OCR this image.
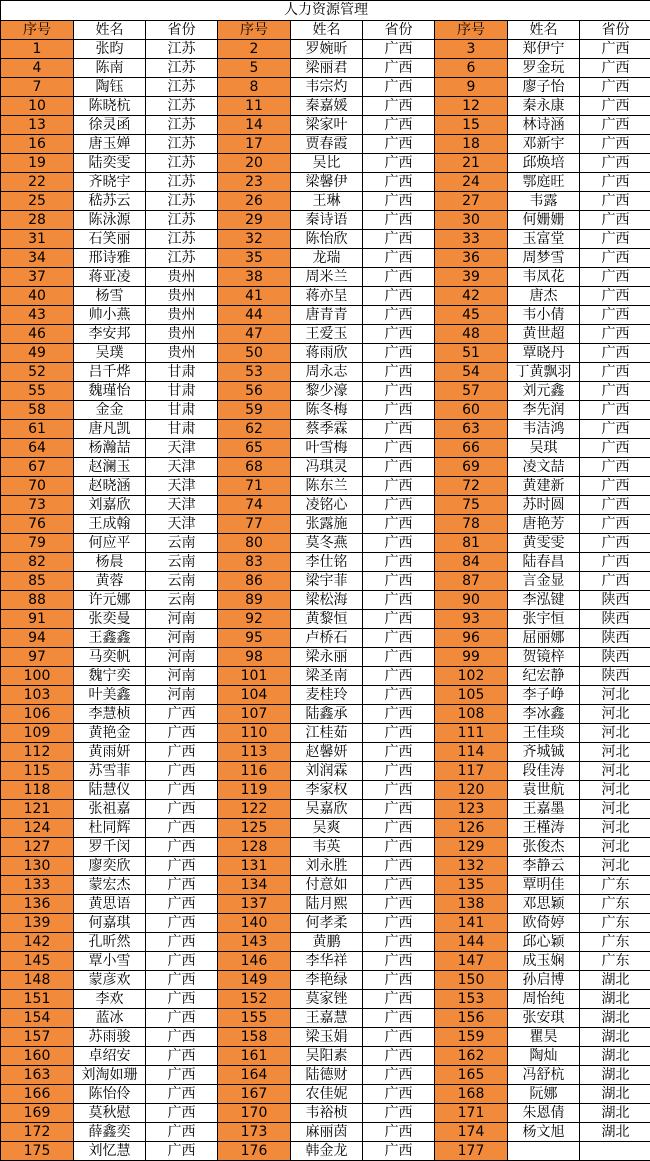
人力资源管理								
序号	姓名	省份	序号	姓名	省份	序号	姓名	省份
1	张昀	江苏	2	罗婉昕	广西	3	郑伊宁	广西
4	陈南	江苏	5	梁丽君	广西	6	罗金玩	广西
7	陶钰	江苏	8	韦宗灼	广西	9	廖子怡	广西
10	陈晓杭	江苏	11	秦嘉媛	广西	12	秦永康	广西
13	徐灵函	江苏	14	梁家叶	广西	15	林诗涵	广西
16	唐玉婵	江苏	17	贾春霞	广西	18	邓新宇	广西
19	陆奕雯	江苏	20	吴比	广西	21	邱焕培	广西
22	齐晓宇	江苏	23	梁馨伊	广西	24	鄂庭旺	广西
25	嵇苏云	江苏	26	王琳	广西	27	韦露	广西
28	陈泳源	江苏	29	秦诗语	广西	30	何姗姗	广西
31	石笑丽	江苏	32	陈怡欣	广西	33	玉富堂	广西
34	邢诗雅	江苏	35	龙瑞	广西	36	周梦雪	广西
37	蒋亚凌	贵州	38	周米兰	广西	39	韦凤花	广西
40	杨雪	贵州	41	蒋亦呈	广西	42	唐杰	广西
43	帅小燕	贵州	44	唐青青	广西	45	韦小倩	广西
46	李安邦	贵州	47	王爱玉	广西	48	黄世超	广西
49	吴璞	贵州	50	蒋雨欣	广西	51	覃晓丹	广西
52	吕千烨	甘肃	53	周永志	广西	54	丁黄飘羽	广西
55	魏瑾怡	甘肃	56	黎少濠	广西	57	刘元鑫	广西
58	金金	甘肃	59	陈冬梅	广西	60	李先润	广西
61	唐凡凯	甘肃	62	蔡季霖	广西	63	韦洁鸿	广西
64	杨瀚喆	天津	65	叶雪梅	广西	66	吴琪	广西
67	赵澜玉	天津	68	冯琪灵	广西	69	凌文喆	广西
70	赵晓涵	天津	71	陈东兰	广西	72	黄建新	广西
73	刘嘉欣	天津	74	凌铭心	广西	75	苏时圆	广西
76	王成翰	天津	77	张露施	广西	78	唐艳芳	广西
79	何应平	云南	80	莫冬燕	广西	81	黄雯雯	广西
82	杨晨	云南	83	李仕铭	广西	84	陆春昌	广西
85	黄蓉	云南	86	梁宇菲	广西	87	言金显	广西
88	许元娜	云南	89	梁松海	广西	90	李泓键	陕西
91	张奕曼	河南	92	黄黎恒	广西	93	张宇恒	陕西
94	王鑫鑫	河南	95	卢桥石	广西	96	屈丽娜	陕西
97	马奕帆	河南	98	梁永丽	广西	99	贺镜梓	陕西
100	魏宁奕	河南	101	梁圣南	广西	102	纪宏静	陕西
103	叶美鑫	河南	104	麦桂玲	广西	105	李子峥	河北
106	李慧桢	广西	107	陆鑫承	广西	108	李冰鑫	河北
109	黄艳金	广西	110	江桂茹	广西	111	王佳琰	河北
112	黄雨妍	广西	113	赵馨妍	广西	114	齐城铖	河北
115	苏雪菲	广西	116	刘润霖	广西	117	段佳涛	河北
118	陆慧仪	广西	119	李家权	广西	120	袁世航	河北
121	张祖嘉	广西	122	吴嘉欣	广西	123	王嘉墨	河北
124	杜同辉	广西	125	吴爽	广西	126	王槿涛	河北
127	罗千闵	广西	128	韦英	广西	129	张俊杰	河北
130	廖奕欣	广西	131	刘永胜	广西	132	李静云	河北
133	蒙宏杰	广西	134	付意如	广西	135	覃明佳	广东
136	黄思语	广西	137	陆月熙	广西	138	邓思颖	广东
139	何嘉琪	广西	140	何孝柔	广西	141	欧倚婷	广东
142	孔昕然	广西	143	黄鹏	广西	144	邱心颖	广东
145	覃小雪	广西	146	李华祥	广西	147	成玉娴	广东
148	蒙彦欢	广西	149	李艳绿	广西	150	孙启博	湖北
151	李欢	广西	152	莫家锉	广西	153	周怡纯	湖北
154	蓝冰	广西	155	王嘉慧	广西	156	张安琪	湖北
157	苏雨骏	广西	158	梁玉娟	广西	159	瞿昊	湖北
160	卓绍安	广西	161	吴阳素	广西	162	陶灿	湖北
163	刘淘如珊	广西	164	陆德财	广西	165	冯舒杭	湖北
166	陈怡伶	广西	167	农佳妮	广西	168	阮娜	湖北
169	莫秋慰	广西	170	韦裕桢	广西	171	朱恩倩	湖北
172	薛鑫奕	广西	173	麻丽茵	广西	174	杨文旭	湖北
175	刘忆慧	广西	176	韩金龙	广西	177		
